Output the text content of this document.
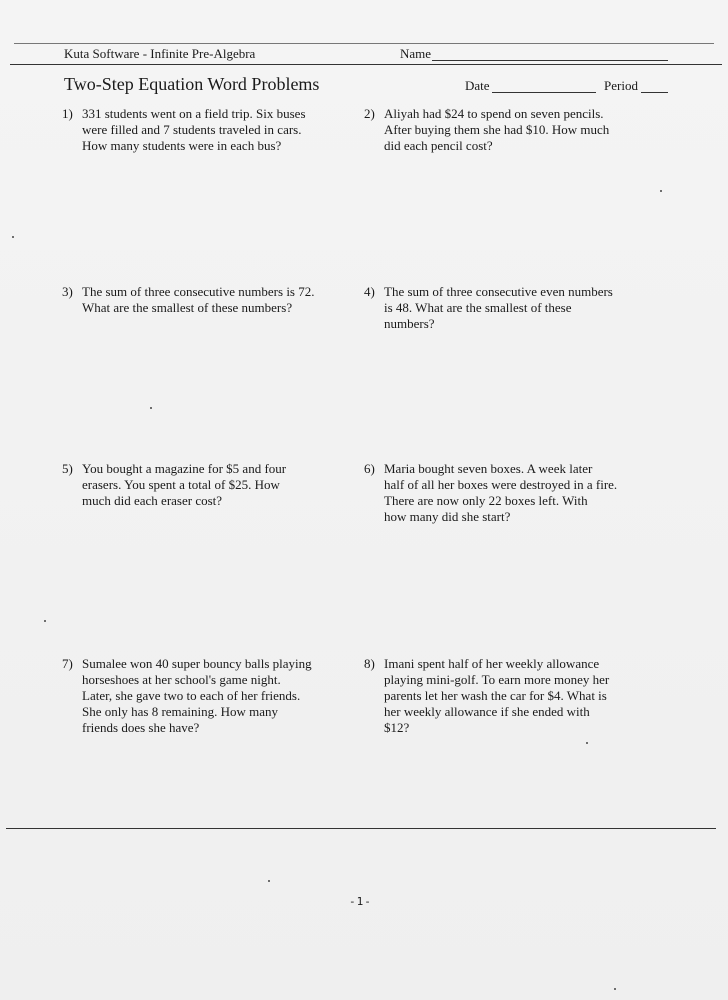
Kuta Software - Infinite Pre-Algebra	Name
Two-Step Equation Word Problems	Date	Period
1) 331 students went on a field trip. Six buses
were filled and 7 students traveled in cars.
How many students were in each bus?
2) Aliyah had $24 to spend on seven pencils.
After buying them she had $10. How much
did each pencil cost?
3) The sum of three consecutive numbers is 72.
What are the smallest of these numbers?
4) The sum of three consecutive even numbers
is 48. What are the smallest of these
numbers?
5) You bought a magazine for $5 and four
erasers. You spent a total of $25. How
much did each eraser cost?
6) Maria bought seven boxes. A week later
half of all her boxes were destroyed in a fire.
There are now only 22 boxes left. With
how many did she start?
7) Sumalee won 40 super bouncy balls playing
horseshoes at her school's game night.
Later, she gave two to each of her friends.
She only has 8 remaining. How many
friends does she have?
8) Imani spent half of her weekly allowance
playing mini-golf. To earn more money her
parents let her wash the car for $4. What is
her weekly allowance if she ended with
$12?
-1-
